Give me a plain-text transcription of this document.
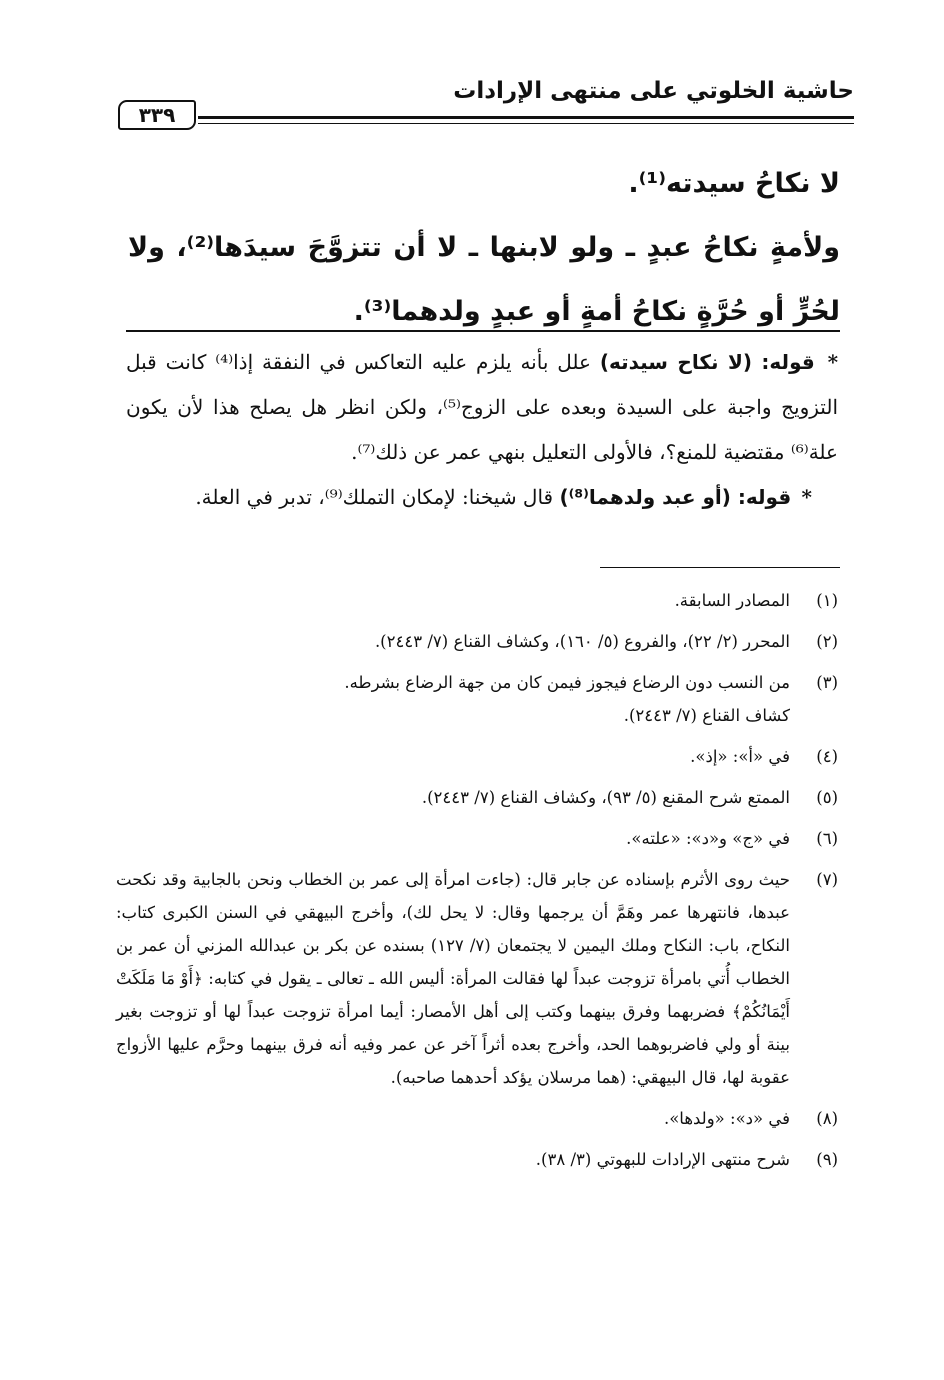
حاشية الخلوتي على منتهى الإرادات
٣٣٩

لا نكاحُ سيدته⁽¹⁾.

ولأمةٍ نكاحُ عبدٍ ـ ولو لابنها ـ لا أن تتزوَّجَ سيدَها⁽²⁾، ولا لحُرٍّ أو حُرَّةٍ نكاحُ أمةٍ أو عبدٍ ولدهما⁽³⁾.

* قوله: (لا نكاح سيدته) علل بأنه يلزم عليه التعاكس في النفقة إذا⁽⁴⁾ كانت قبل التزويج واجبة على السيدة وبعده على الزوج⁽⁵⁾، ولكن انظر هل يصلح هذا لأن يكون علة⁽⁶⁾ مقتضية للمنع؟، فالأولى التعليل بنهي عمر عن ذلك⁽⁷⁾.

* قوله: (أو عبد ولدهما⁽⁸⁾) قال شيخنا: لإمكان التملك⁽⁹⁾، تدبر في العلة.

(١)

المصادر السابقة.

(٢)

المحرر (٢/ ٢٢)، والفروع (٥/ ١٦٠)، وكشاف القناع (٧/ ٢٤٤٣).

(٣)

من النسب دون الرضاع فيجوز فيمن كان من جهة الرضاع بشرطه.

كشاف القناع (٧/ ٢٤٤٣).

(٤)

في «أ»: «إذ».

(٥)

الممتع شرح المقنع (٥/ ٩٣)، وكشاف القناع (٧/ ٢٤٤٣).

(٦)

في «ج» و«د»: «علته».

(٧)

حيث روى الأثرم بإسناده عن جابر قال: (جاءت امرأة إلى عمر بن الخطاب ونحن بالجابية وقد نكحت عبدها، فانتهرها عمر وهَمَّ أن يرجمها وقال: لا يحل لك)، وأخرج البيهقي في السنن الكبرى كتاب: النكاح، باب: النكاح وملك اليمين لا يجتمعان (٧/ ١٢٧) بسنده عن بكر بن عبدالله المزني أن عمر بن الخطاب أُتي بامرأة تزوجت عبداً لها فقالت المرأة: أليس الله ـ تعالى ـ يقول في كتابه: ﴿أَوْ مَا مَلَكَتْ أَيْمَانُكُمْ﴾ فضربهما وفرق بينهما وكتب إلى أهل الأمصار: أيما امرأة تزوجت عبداً لها أو تزوجت بغير بينة أو ولي فاضربوهما الحد، وأخرج بعده أثراً آخر عن عمر وفيه أنه فرق بينهما وحرَّم عليها الأزواج عقوبة لها، قال البيهقي: (هما مرسلان يؤكد أحدهما صاحبه).

(٨)

في «د»: «ولدها».

(٩)

شرح منتهى الإرادات للبهوتي (٣/ ٣٨).
